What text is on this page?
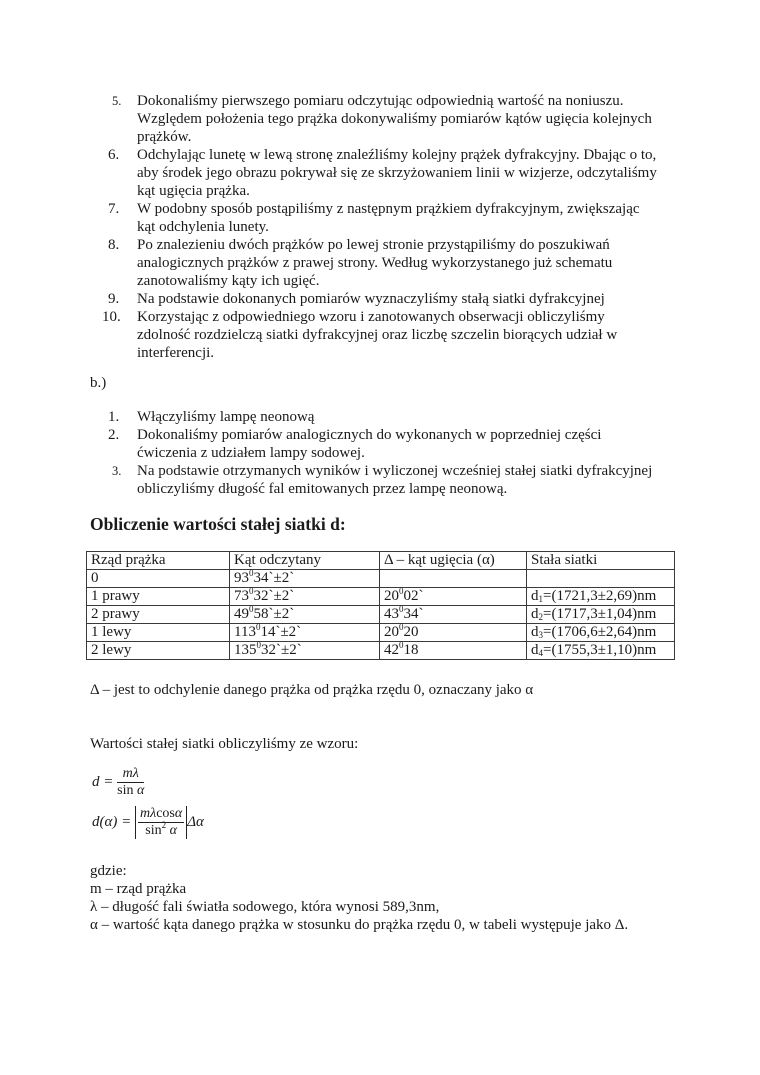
5. Dokonaliśmy pierwszego pomiaru odczytując odpowiednią wartość na noniuszu.
Względem położenia tego prążka dokonywaliśmy pomiarów kątów ugięcia kolejnych
prążków.
6. Odchylając lunetę w lewą stronę znaleźliśmy kolejny prążek dyfrakcyjny. Dbając o to,
aby środek jego obrazu pokrywał się ze skrzyżowaniem linii w wizjerze, odczytaliśmy
kąt ugięcia prążka.
7. W podobny sposób postąpiliśmy z następnym prążkiem dyfrakcyjnym, zwiększając
kąt odchylenia lunety.
8. Po znalezieniu dwóch prążków po lewej stronie przystąpiliśmy do poszukiwań
analogicznych prążków z prawej strony. Według wykorzystanego już schematu
zanotowaliśmy kąty ich ugięć.
9. Na podstawie dokonanych pomiarów wyznaczyliśmy stałą siatki dyfrakcyjnej
10. Korzystając z odpowiedniego wzoru i zanotowanych obserwacji obliczyliśmy
zdolność rozdzielczą siatki dyfrakcyjnej oraz liczbę szczelin biorących udział w
interferencji.
b.)
1. Włączyliśmy lampę neonową
2. Dokonaliśmy pomiarów analogicznych do wykonanych w poprzedniej części
ćwiczenia z udziałem lampy sodowej.
3. Na podstawie otrzymanych wyników i wyliczonej wcześniej stałej siatki dyfrakcyjnej
obliczyliśmy długość fal emitowanych przez lampę neonową.
Obliczenie wartości stałej siatki d:
Rząd prążka	Kąt odczytany	Δ – kąt ugięcia (α)	Stała siatki
0	$93^034`\pm 2`$		
1 prawy	$73^032`\pm 2`$	$20^002`$	$d_1=(1721,3\pm 2,69)nm$
2 prawy	$49^058`\pm 2`$	$43^034`$	$d_2=(1717,3\pm 1,04)nm$
1 lewy	$113^014`\pm 2`$	$20^020$	$d_3=(1706,6\pm 2,64)nm$
2 lewy	$135^032`\pm 2`$	$42^018$	$d_4=(1755,3\pm 1,10)nm$
Δ – jest to odchylenie danego prążka od prążka rzędu 0, oznaczany jako α
Wartości stałej siatki obliczyliśmy ze wzoru:
$d = \frac{m\lambda}{\text{sin α}}$
$d(\alpha) = \frac{m\lambda\cos\alpha}{\sin^2 \alpha}$ Δα
gdzie:
m – rząd prążka
λ – długość fali światła sodowego, która wynosi 589,3nm,
α – wartość kąta danego prążka w stosunku do prążka rzędu 0, w tabeli występuje jako Δ.
